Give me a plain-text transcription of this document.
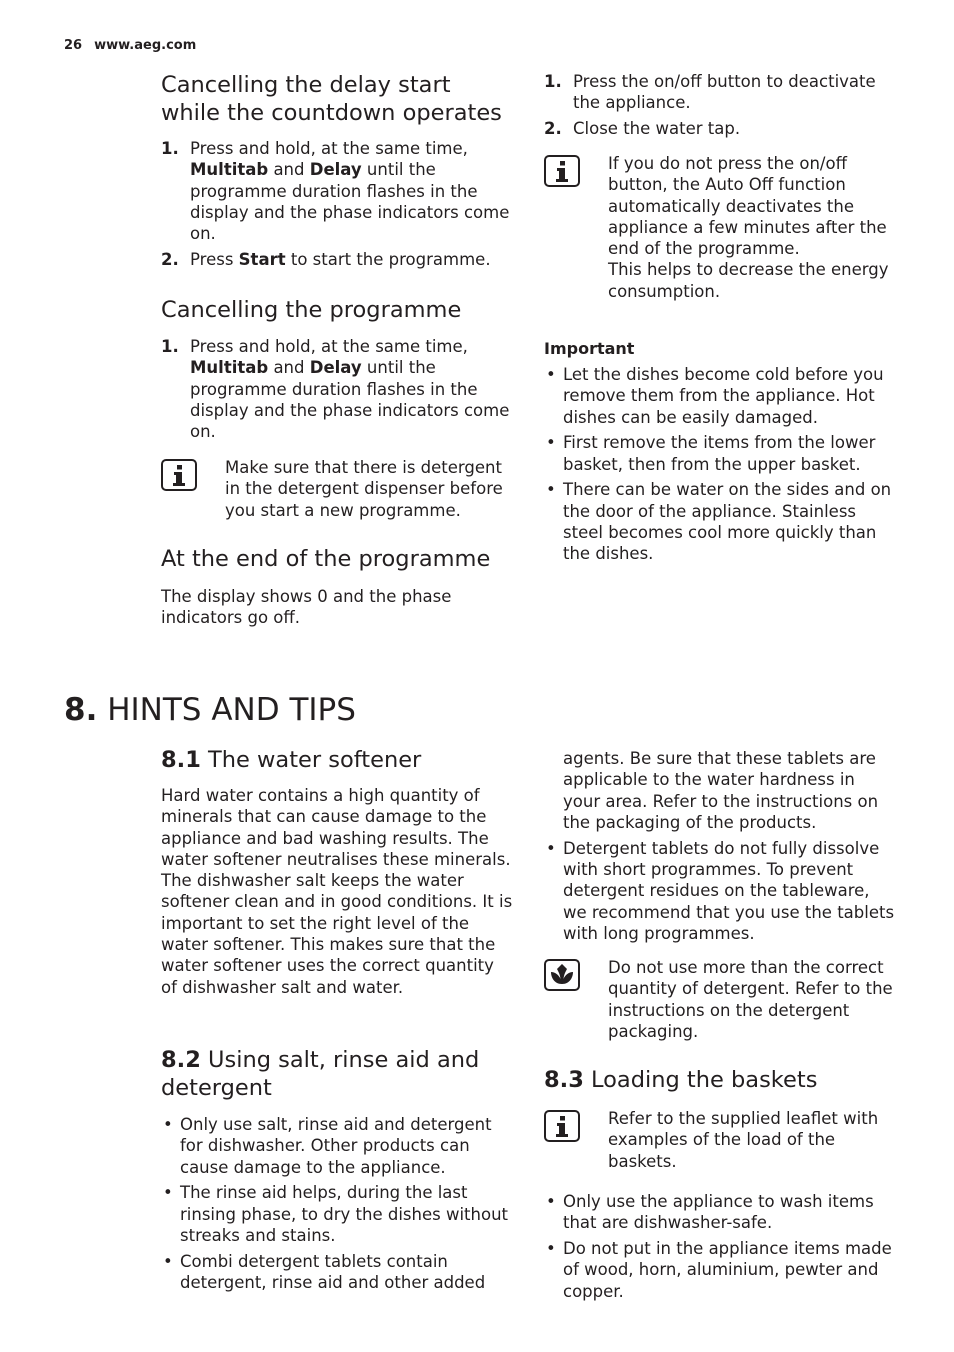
26 www.aeg.com
Cancelling the delay start while the countdown operates
1. Press and hold, at the same time, Multitab and Delay until the programme duration flashes in the display and the phase indicators come on.
2. Press Start to start the programme.
Cancelling the programme
1. Press and hold, at the same time, Multitab and Delay until the programme duration flashes in the display and the phase indicators come on.
Make sure that there is detergent in the detergent dispenser before you start a new programme.
At the end of the programme

The display shows 0 and the phase indicators go off.

1. Press the on/off button to deactivate the appliance.
2. Close the water tap.
If you do not press the on/off button, the Auto Off function automatically deactivates the appliance a few minutes after the end of the programme.
This helps to decrease the energy consumption.
Important
• Let the dishes become cold before you remove them from the appliance. Hot dishes can be easily damaged.
• First remove the items from the lower basket, then from the upper basket.
• There can be water on the sides and on the door of the appliance. Stainless steel becomes cool more quickly than the dishes.
8. HINTS AND TIPS
8.1 The water softener

Hard water contains a high quantity of minerals that can cause damage to the appliance and bad washing results. The water softener neutralises these minerals.

The dishwasher salt keeps the water softener clean and in good conditions. It is important to set the right level of the water softener. This makes sure that the water softener uses the correct quantity of dishwasher salt and water.

8.2 Using salt, rinse aid and detergent
• Only use salt, rinse aid and detergent for dishwasher. Other products can cause damage to the appliance.
• The rinse aid helps, during the last rinsing phase, to dry the dishes without streaks and stains.
• Combi detergent tablets contain detergent, rinse aid and other added

agents. Be sure that these tablets are applicable to the water hardness in your area. Refer to the instructions on the packaging of the products.

• Detergent tablets do not fully dissolve with short programmes. To prevent detergent residues on the tableware, we recommend that you use the tablets with long programmes.
Do not use more than the correct quantity of detergent. Refer to the instructions on the detergent packaging.
8.3 Loading the baskets
Refer to the supplied leaflet with examples of the load of the baskets.
• Only use the appliance to wash items that are dishwasher-safe.
• Do not put in the appliance items made of wood, horn, aluminium, pewter and copper.
